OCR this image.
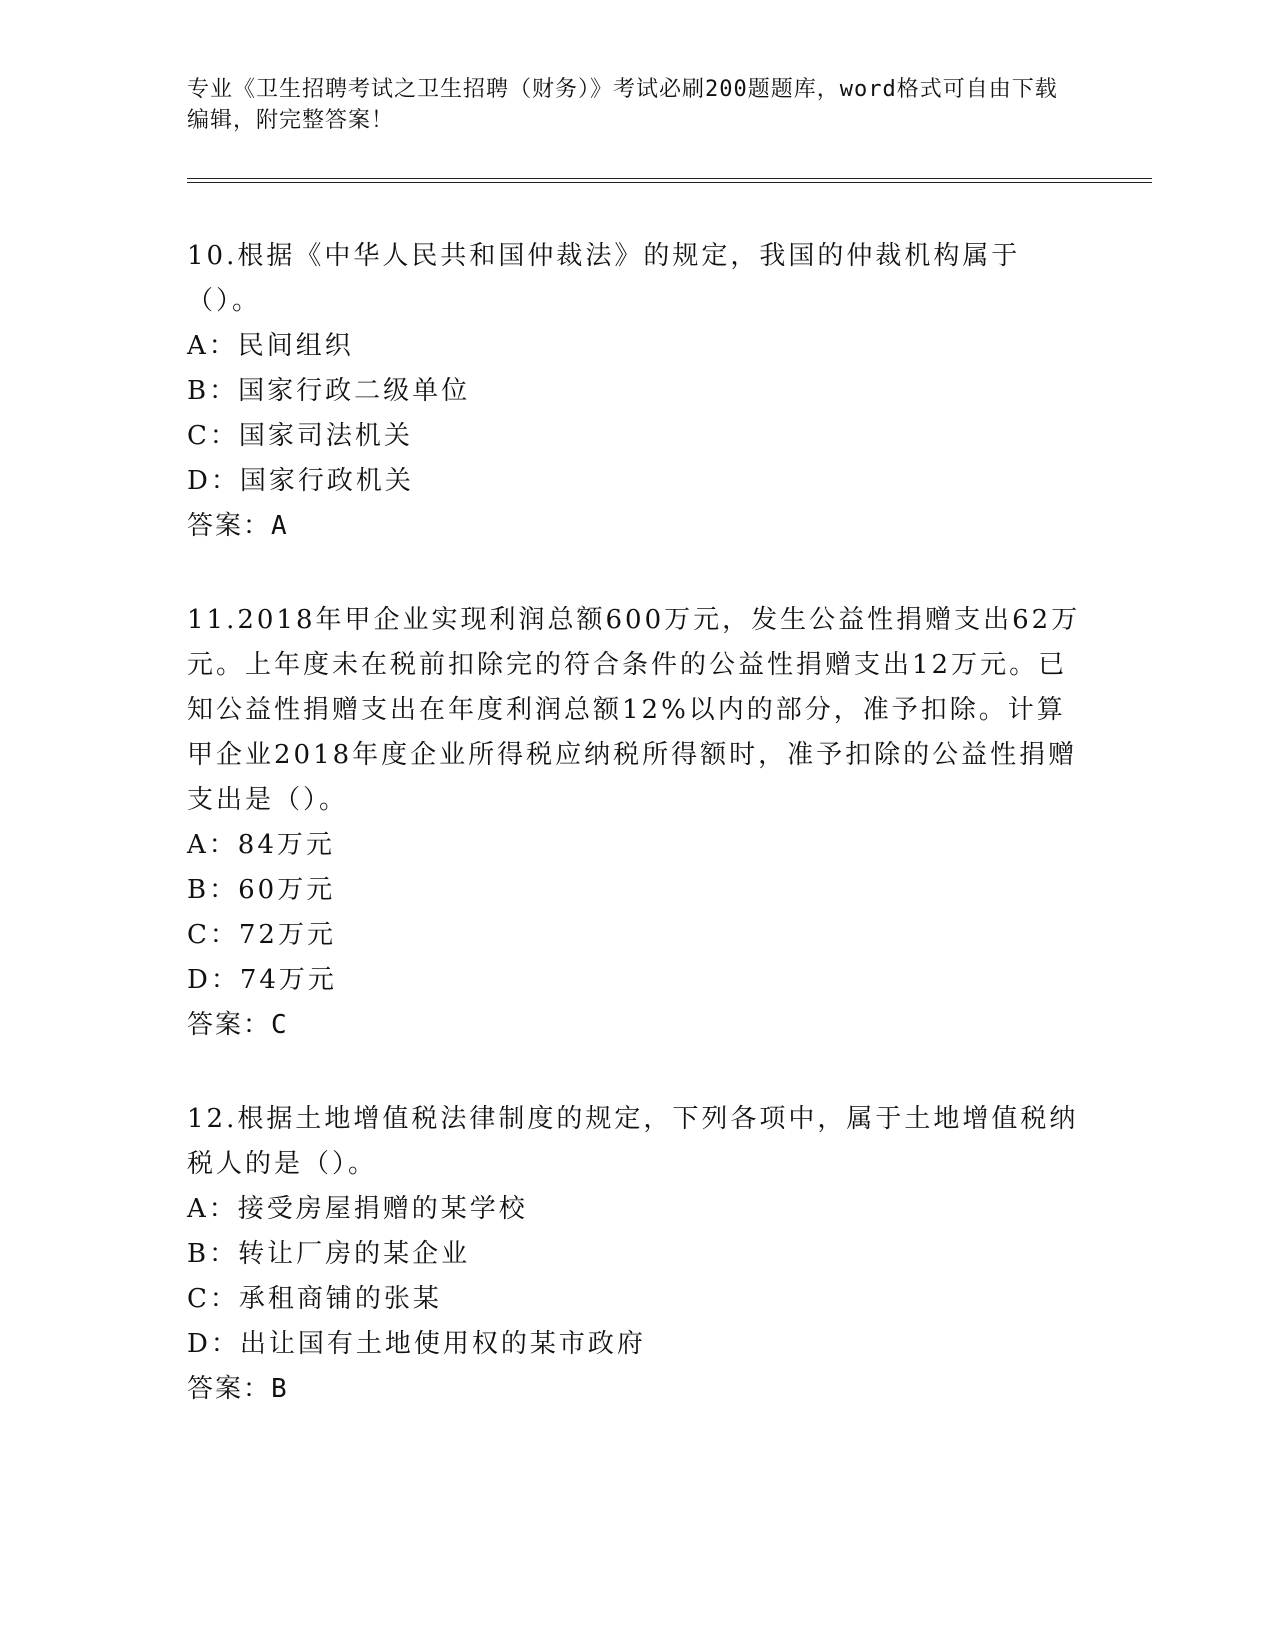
专业《卫生招聘考试之卫生招聘（财务）》考试必刷200题题库，word格式可自由下载编辑，附完整答案！

10.根据《中华人民共和国仲裁法》的规定，我国的仲裁机构属于（）。

A：民间组织

B：国家行政二级单位

C：国家司法机关

D：国家行政机关

答案：A

11.2018年甲企业实现利润总额600万元，发生公益性捐赠支出62万元。上年度未在税前扣除完的符合条件的公益性捐赠支出12万元。已知公益性捐赠支出在年度利润总额12%以内的部分，准予扣除。计算甲企业2018年度企业所得税应纳税所得额时，准予扣除的公益性捐赠支出是（）。

A：84万元

B：60万元

C：72万元

D：74万元

答案：C

12.根据土地增值税法律制度的规定，下列各项中，属于土地增值税纳税人的是（）。

A：接受房屋捐赠的某学校

B：转让厂房的某企业

C：承租商铺的张某

D：出让国有土地使用权的某市政府

答案：B
